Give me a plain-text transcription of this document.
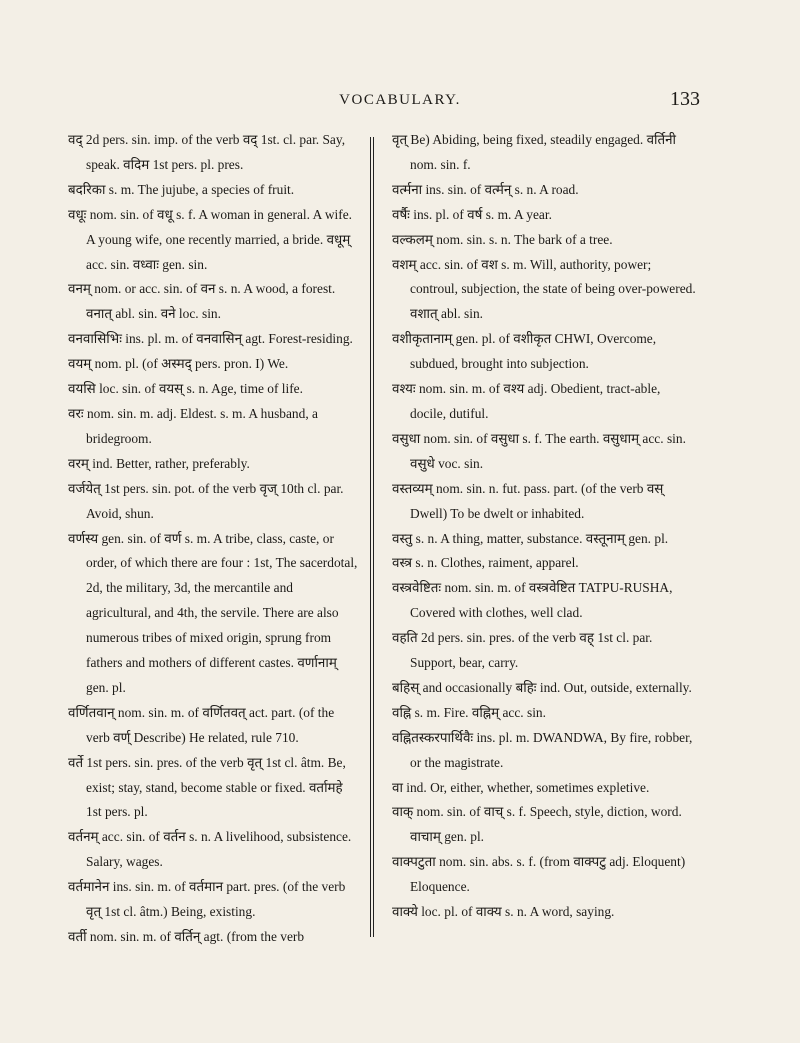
VOCABULARY.	133

वद् 2d pers. sin. imp. of the verb वद् 1st. cl. par. Say, speak. वदिम 1st pers. pl. pres.

बदरिका s. m. The jujube, a species of fruit.

वधूः nom. sin. of वधू s. f. A woman in general. A wife. A young wife, one recently married, a bride. वधूम् acc. sin. वध्वाः gen. sin.

वनम् nom. or acc. sin. of वन s. n. A wood, a forest. वनात् abl. sin. वने loc. sin.

वनवासिभिः ins. pl. m. of वनवासिन् agt. Forest-residing.

वयम् nom. pl. (of अस्मद् pers. pron. I) We.

वयसि loc. sin. of वयस् s. n. Age, time of life.

वरः nom. sin. m. adj. Eldest. s. m. A husband, a bridegroom.

वरम् ind. Better, rather, preferably.

वर्जयेत् 1st pers. sin. pot. of the verb वृज् 10th cl. par. Avoid, shun.

वर्णस्य gen. sin. of वर्ण s. m. A tribe, class, caste, or order, of which there are four : 1st, The sacerdotal, 2d, the military, 3d, the mercantile and agricultural, and 4th, the servile. There are also numerous tribes of mixed origin, sprung from fathers and mothers of different castes. वर्णानाम् gen. pl.

वर्णितवान् nom. sin. m. of वर्णितवत् act. part. (of the verb वर्ण् Describe) He related, rule 710.

वर्ते 1st pers. sin. pres. of the verb वृत् 1st cl. âtm. Be, exist; stay, stand, become stable or fixed. वर्तामहे 1st pers. pl.

वर्तनम् acc. sin. of वर्तन s. n. A livelihood, subsistence. Salary, wages.

वर्तमानेन ins. sin. m. of वर्तमान part. pres. (of the verb वृत् 1st cl. âtm.) Being, existing.

वर्ती nom. sin. m. of वर्तिन् agt. (from the verb

वृत् Be) Abiding, being fixed, steadily engaged. वर्तिनी nom. sin. f.

वर्त्मना ins. sin. of वर्त्मन् s. n. A road.

वर्षैः ins. pl. of वर्ष s. m. A year.

वल्कलम् nom. sin. s. n. The bark of a tree.

वशम् acc. sin. of वश s. m. Will, authority, power; controul, subjection, the state of being over-powered. वशात् abl. sin.

वशीकृतानाम् gen. pl. of वशीकृत CHWI, Overcome, subdued, brought into subjection.

वश्यः nom. sin. m. of वश्य adj. Obedient, tract-able, docile, dutiful.

वसुधा nom. sin. of वसुधा s. f. The earth. वसुधाम् acc. sin. वसुधे voc. sin.

वस्तव्यम् nom. sin. n. fut. pass. part. (of the verb वस् Dwell) To be dwelt or inhabited.

वस्तु s. n. A thing, matter, substance. वस्तूनाम् gen. pl.

वस्त्र s. n. Clothes, raiment, apparel.

वस्त्रवेष्टितः nom. sin. m. of वस्त्रवेष्टित TATPU-RUSHA, Covered with clothes, well clad.

वहति 2d pers. sin. pres. of the verb वह् 1st cl. par. Support, bear, carry.

बहिस् and occasionally बहिः ind. Out, outside, externally.

वह्नि s. m. Fire. वह्निम् acc. sin.

वह्नितस्करपार्थिवैः ins. pl. m. DWANDWA, By fire, robber, or the magistrate.

वा ind. Or, either, whether, sometimes expletive.

वाक् nom. sin. of वाच् s. f. Speech, style, diction, word. वाचाम् gen. pl.

वाक्पटुता nom. sin. abs. s. f. (from वाक्पटु adj. Eloquent) Eloquence.

वाक्ये loc. pl. of वाक्य s. n. A word, saying.
